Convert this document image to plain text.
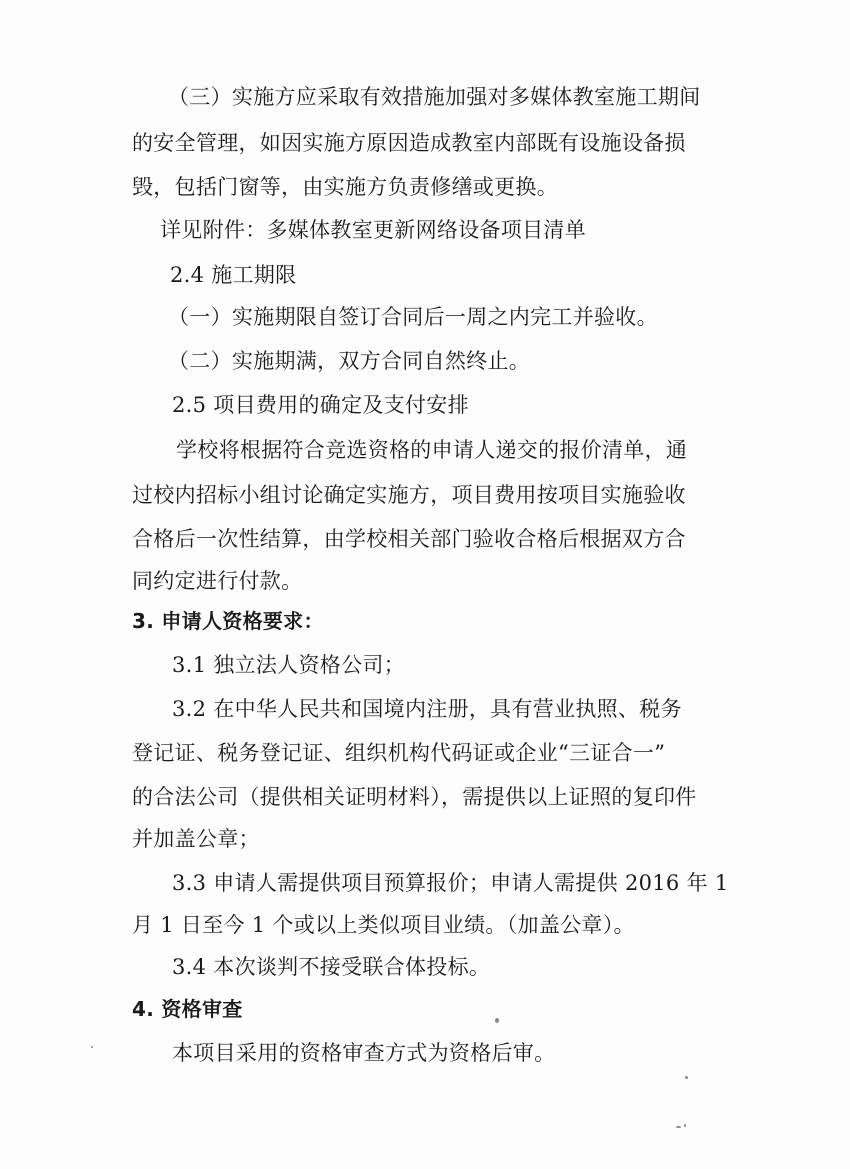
（三）实施方应采取有效措施加强对多媒体教室施工期间
的安全管理，如因实施方原因造成教室内部既有设施设备损
毁，包括门窗等，由实施方负责修缮或更换。
详见附件：多媒体教室更新网络设备项目清单
2.4 施工期限
（一）实施期限自签订合同后一周之内完工并验收。
（二）实施期满，双方合同自然终止。
2.5 项目费用的确定及支付安排
学校将根据符合竞选资格的申请人递交的报价清单，通
过校内招标小组讨论确定实施方，项目费用按项目实施验收
合格后一次性结算，由学校相关部门验收合格后根据双方合
同约定进行付款。
3. 申请人资格要求：
3.1 独立法人资格公司；
3.2 在中华人民共和国境内注册，具有营业执照、税务
登记证、税务登记证、组织机构代码证或企业“三证合一”
的合法公司（提供相关证明材料），需提供以上证照的复印件
并加盖公章；
3.3 申请人需提供项目预算报价；申请人需提供 2016 年 1
月 1 日至今 1 个或以上类似项目业绩。（加盖公章）。
3.4 本次谈判不接受联合体投标。
4. 资格审查
本项目采用的资格审查方式为资格后审。
